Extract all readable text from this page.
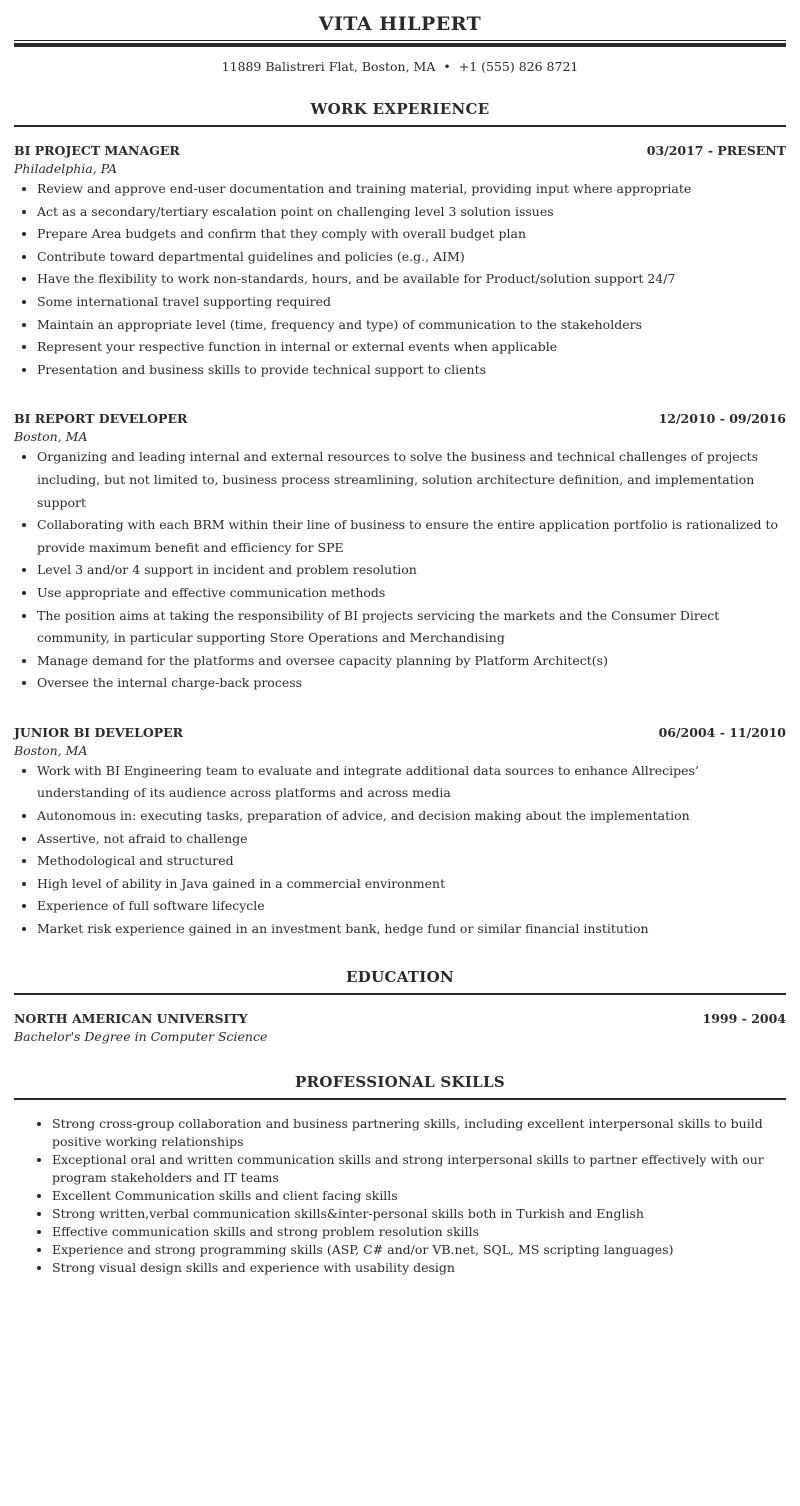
VITA HILPERT
11889 Balistreri Flat, Boston, MA • +1 (555) 826 8721
WORK EXPERIENCE
BI PROJECT MANAGER	03/2017 - PRESENT
Philadelphia, PA
• Review and approve end-user documentation and training material, providing input where appropriate
• Act as a secondary/tertiary escalation point on challenging level 3 solution issues
• Prepare Area budgets and confirm that they comply with overall budget plan
• Contribute toward departmental guidelines and policies (e.g., AIM)
• Have the flexibility to work non-standards, hours, and be available for Product/solution support 24/7
• Some international travel supporting required
• Maintain an appropriate level (time, frequency and type) of communication to the stakeholders
• Represent your respective function in internal or external events when applicable
• Presentation and business skills to provide technical support to clients
BI REPORT DEVELOPER	12/2010 - 09/2016
Boston, MA
• Organizing and leading internal and external resources to solve the business and technical challenges of projects including, but not limited to, business process streamlining, solution architecture definition, and implementation support
• Collaborating with each BRM within their line of business to ensure the entire application portfolio is rationalized to provide maximum benefit and efficiency for SPE
• Level 3 and/or 4 support in incident and problem resolution
• Use appropriate and effective communication methods
• The position aims at taking the responsibility of BI projects servicing the markets and the Consumer Direct community, in particular supporting Store Operations and Merchandising
• Manage demand for the platforms and oversee capacity planning by Platform Architect(s)
• Oversee the internal charge-back process
JUNIOR BI DEVELOPER	06/2004 - 11/2010
Boston, MA
• Work with BI Engineering team to evaluate and integrate additional data sources to enhance Allrecipes’ understanding of its audience across platforms and across media
• Autonomous in: executing tasks, preparation of advice, and decision making about the implementation
• Assertive, not afraid to challenge
• Methodological and structured
• High level of ability in Java gained in a commercial environment
• Experience of full software lifecycle
• Market risk experience gained in an investment bank, hedge fund or similar financial institution
EDUCATION
NORTH AMERICAN UNIVERSITY	1999 - 2004
Bachelor's Degree in Computer Science
PROFESSIONAL SKILLS
• Strong cross-group collaboration and business partnering skills, including excellent interpersonal skills to build positive working relationships
• Exceptional oral and written communication skills and strong interpersonal skills to partner effectively with our program stakeholders and IT teams
• Excellent Communication skills and client facing skills
• Strong written,verbal communication skills&inter-personal skills both in Turkish and English
• Effective communication skills and strong problem resolution skills
• Experience and strong programming skills (ASP, C# and/or VB.net, SQL, MS scripting languages)
• Strong visual design skills and experience with usability design
